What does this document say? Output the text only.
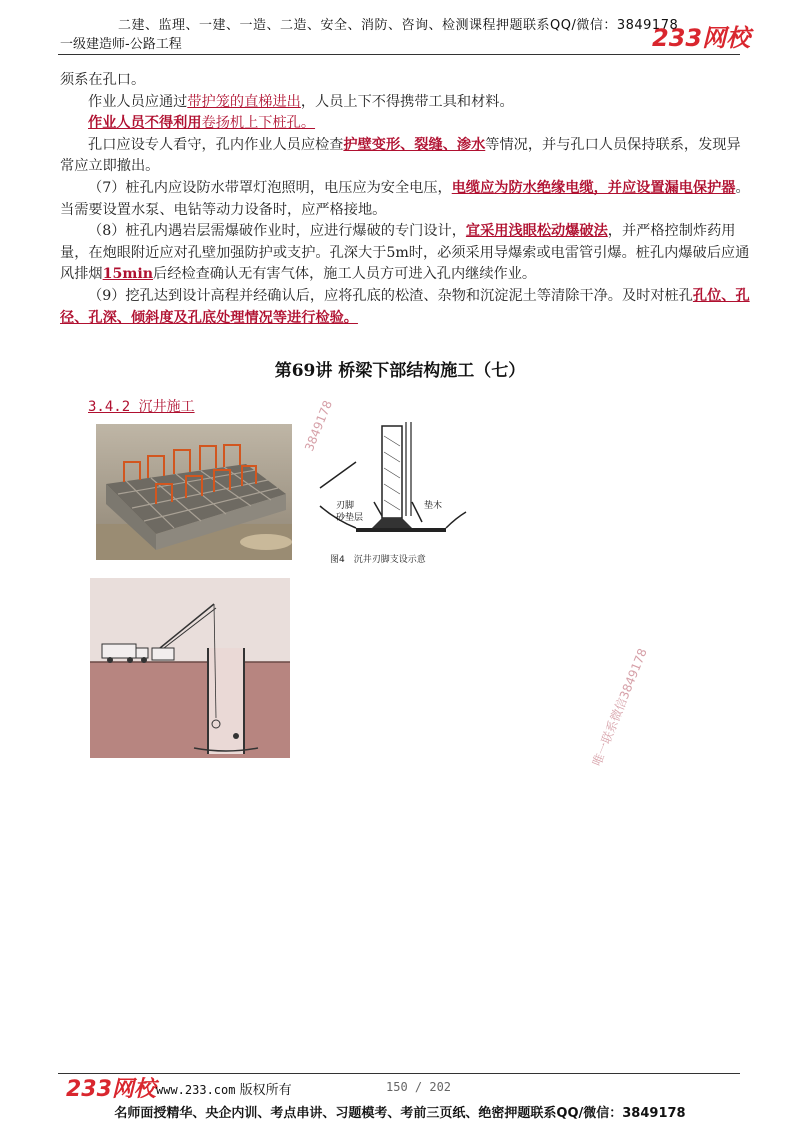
二建、监理、一建、一造、二造、安全、消防、咨询、检测课程押题联系QQ/微信：3849178
一级建造师-公路工程	233网校

须系在孔口。

作业人员应通过带护笼的直梯进出，人员上下不得携带工具和材料。

作业人员不得利用卷扬机上下桩孔。

孔口应设专人看守，孔内作业人员应检查护壁变形、裂缝、渗水等情况，并与孔口人员保持联系，发现异常应立即撤出。

（7）桩孔内应设防水带罩灯泡照明，电压应为安全电压，电缆应为防水绝缘电缆，并应设置漏电保护器。当需要设置水泵、电钻等动力设备时，应严格接地。

（8）桩孔内遇岩层需爆破作业时，应进行爆破的专门设计，宜采用浅眼松动爆破法，并严格控制炸药用量，在炮眼附近应对孔壁加强防护或支护。孔深大于5m时，必须采用导爆索或电雷管引爆。桩孔内爆破后应通风排烟15min后经检查确认无有害气体，施工人员方可进入孔内继续作业。

（9）挖孔达到设计高程并经确认后，应将孔底的松渣、杂物和沉淀泥土等清除干净。及时对桩孔孔位、孔径、孔深、倾斜度及孔底处理情况等进行检验。

第69讲 桥梁下部结构施工（七）
3.4.2 沉井施工
刃脚
砂垫层
垫木
图4　沉井刃脚支设示意
3849178
唯一联系微信3849178
233网校 www.233.com 版权所有	150 / 202
名师面授精华、央企内训、考点串讲、习题模考、考前三页纸、绝密押题联系QQ/微信：3849178
